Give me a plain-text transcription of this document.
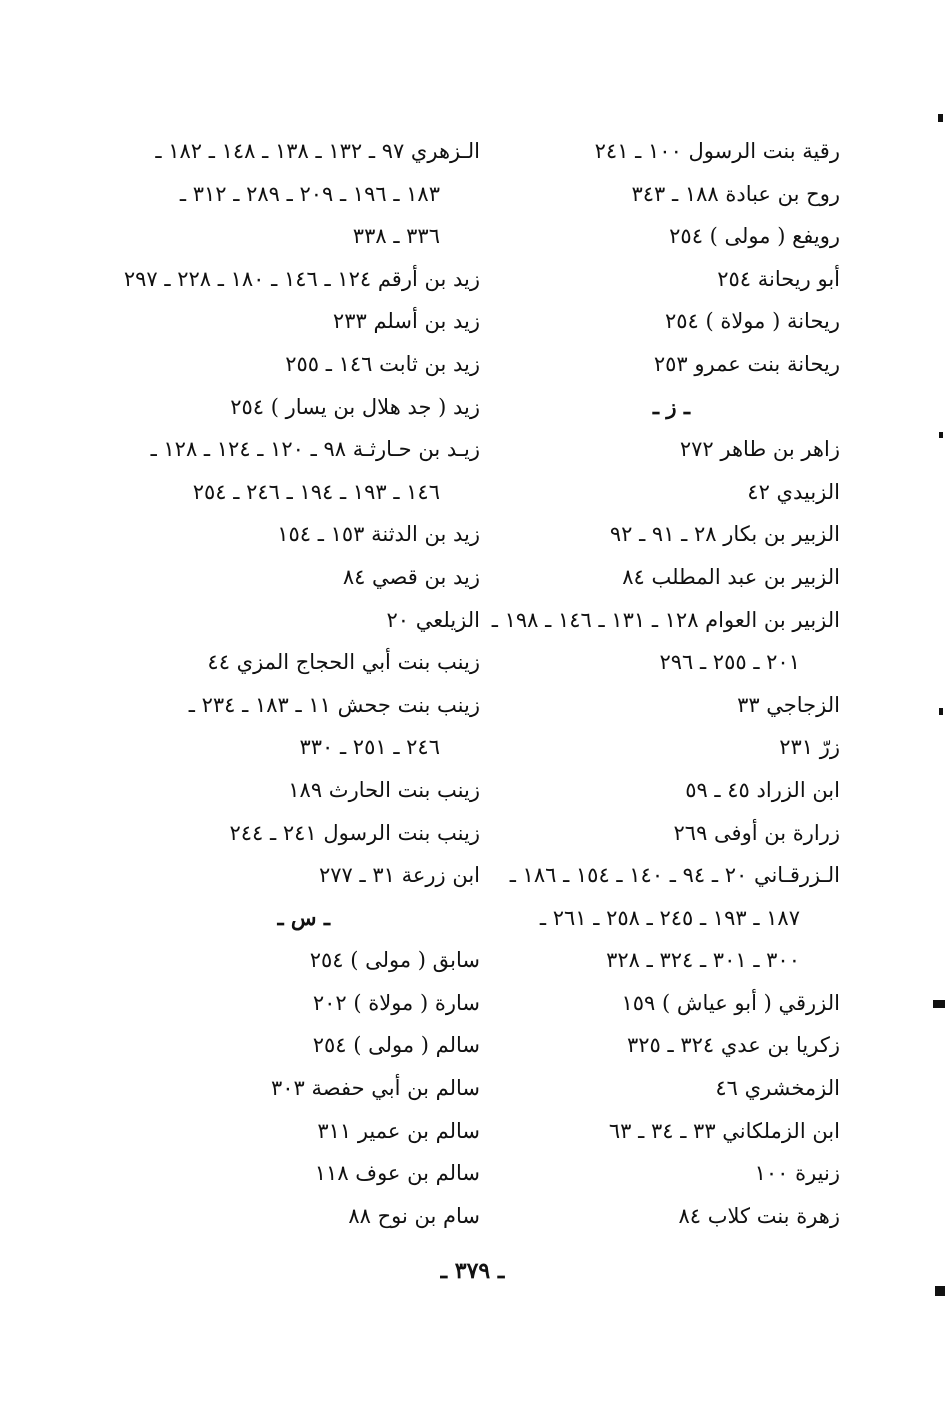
رقية بنت الرسول ١٠٠ ـ ٢٤١
روح بن عبادة ١٨٨ ـ ٣٤٣
رويفع ( مولى ) ٢٥٤
أبو ريحانة ٢٥٤
ريحانة ( مولاة ) ٢٥٤
ريحانة بنت عمرو ٢٥٣
ـ ز ـ
زاهر بن طاهر ٢٧٢
الزبيدي ٤٢
الزبير بن بكار ٢٨ ـ ٩١ ـ ٩٢
الزبير بن عبد المطلب ٨٤
الزبير بن العوام ١٢٨ ـ ١٣١ ـ ١٤٦ ـ ١٩٨ ـ
٢٠١ ـ ٢٥٥ ـ ٢٩٦
الزجاجي ٣٣
زرّ ٢٣١
ابن الزراد ٤٥ ـ ٥٩
زرارة بن أوفى ٢٦٩
الـزرقـاني ٢٠ ـ ٩٤ ـ ١٤٠ ـ ١٥٤ ـ ١٨٦ ـ
١٨٧ ـ ١٩٣ ـ ٢٤٥ ـ ٢٥٨ ـ ٢٦١ ـ
٣٠٠ ـ ٣٠١ ـ ٣٢٤ ـ ٣٢٨
الزرقي ( أبو عياش ) ١٥٩
زكريا بن عدي ٣٢٤ ـ ٣٢٥
الزمخشري ٤٦
ابن الزملكاني ٣٣ ـ ٣٤ ـ ٦٣
زنيرة ١٠٠
زهرة بنت كلاب ٨٤
الـزهري ٩٧ ـ ١٣٢ ـ ١٣٨ ـ ١٤٨ ـ ١٨٢ ـ
١٨٣ ـ ١٩٦ ـ ٢٠٩ ـ ٢٨٩ ـ ٣١٢ ـ
٣٣٦ ـ ٣٣٨
زيد بن أرقم ١٢٤ ـ ١٤٦ ـ ١٨٠ ـ ٢٢٨ ـ ٢٩٧
زيد بن أسلم ٢٣٣
زيد بن ثابت ١٤٦ ـ ٢٥٥
زيد ( جد هلال بن يسار ) ٢٥٤
زيـد بن حـارثـة ٩٨ ـ ١٢٠ ـ ١٢٤ ـ ١٢٨ ـ
١٤٦ ـ ١٩٣ ـ ١٩٤ ـ ٢٤٦ ـ ٢٥٤
زيد بن الدثنة ١٥٣ ـ ١٥٤
زيد بن قصي ٨٤
الزيلعي ٢٠
زينب بنت أبي الحجاج المزي ٤٤
زينب بنت جحش ١١ ـ ١٨٣ ـ ٢٣٤ ـ
٢٤٦ ـ ٢٥١ ـ ٣٣٠
زينب بنت الحارث ١٨٩
زينب بنت الرسول ٢٤١ ـ ٢٤٤
ابن زرعة ٣١ ـ ٢٧٧
ـ س ـ
سابق ( مولى ) ٢٥٤
سارة ( مولاة ) ٢٠٢
سالم ( مولى ) ٢٥٤
سالم بن أبي حفصة ٣٠٣
سالم بن عمير ٣١١
سالم بن عوف ١١٨
سام بن نوح ٨٨
ـ ٣٧٩ ـ
